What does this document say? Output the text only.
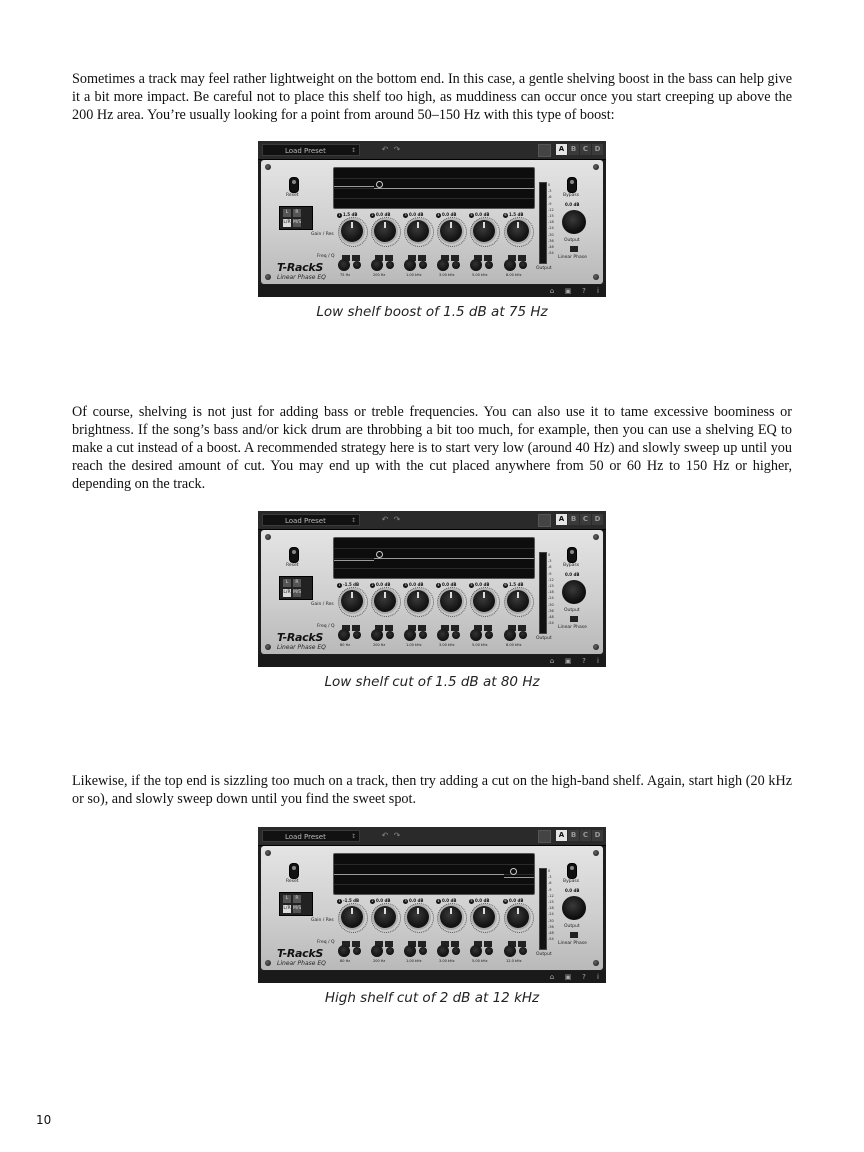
Sometimes a track may feel rather lightweight on the bottom end. In this case, a gentle shelving boost in the bass can help give it a bit more impact. Be careful not to place this shelf too high, as muddiness can occur once you start creeping up above the 200 Hz area. You’re usually looking for a point from around 50–150 Hz with this type of boost:

Load Preset	↕	↶ ↷	A B C D
Reset
L	R
L/R M/S
Gain / Res
Freq / Q
1 1.5 dB
75 Hz
2 0.0 dB
200 Hz
3 0.0 dB
1.00 kHz
4 0.0 dB
3.00 kHz
5 0.0 dB
5.00 kHz
6 1.5 dB
8.00 kHz
0
-3
-6
-9
-12
-15
-18
-24
-30
-36
-48
-54
Bypass
0.0 dB
Output
Linear Phase
Output
T-RackS
Linear Phase EQ
⌂ ▣	?	i
Low shelf boost of 1.5 dB at 75 Hz

Of course, shelving is not just for adding bass or treble frequencies. You can also use it to tame excessive boominess or brightness. If the song’s bass and/or kick drum are throbbing a bit too much, for example, then you can use a shelving EQ to make a cut instead of a boost. A recommended strategy here is to start very low (around 40 Hz) and slowly sweep up until you reach the desired amount of cut. You may end up with the cut placed anywhere from 50 or 60 Hz to 150 Hz or higher, depending on the track.

Load Preset	↕	↶ ↷	A B C D
Reset
L	R
L/R M/S
Gain / Res
Freq / Q
1 -1.5 dB
80 Hz
2 0.0 dB
200 Hz
3 0.0 dB
1.00 kHz
4 0.0 dB
3.00 kHz
5 0.0 dB
5.00 kHz
6 1.5 dB
8.00 kHz
0
-3
-6
-9
-12
-15
-18
-24
-30
-36
-48
-54
Bypass
0.0 dB
Output
Linear Phase
Output
T-RackS
Linear Phase EQ
⌂ ▣	?	i
Low shelf cut of 1.5 dB at 80 Hz

Likewise, if the top end is sizzling too much on a track, then try adding a cut on the high-band shelf. Again, start high (20 kHz or so), and slowly sweep down until you find the sweet spot.

Load Preset	↕	↶ ↷	A B C D
Reset
L	R
L/R M/S
Gain / Res
Freq / Q
1 -1.5 dB
80 Hz
2 0.0 dB
200 Hz
3 0.0 dB
1.00 kHz
4 0.0 dB
3.00 kHz
5 0.0 dB
5.00 kHz
6 0.0 dB
12.0 kHz
0
-3
-6
-9
-12
-15
-18
-24
-30
-36
-48
-54
Bypass
0.0 dB
Output
Linear Phase
Output
T-RackS
Linear Phase EQ
⌂ ▣	?	i
High shelf cut of 2 dB at 12 kHz
10
